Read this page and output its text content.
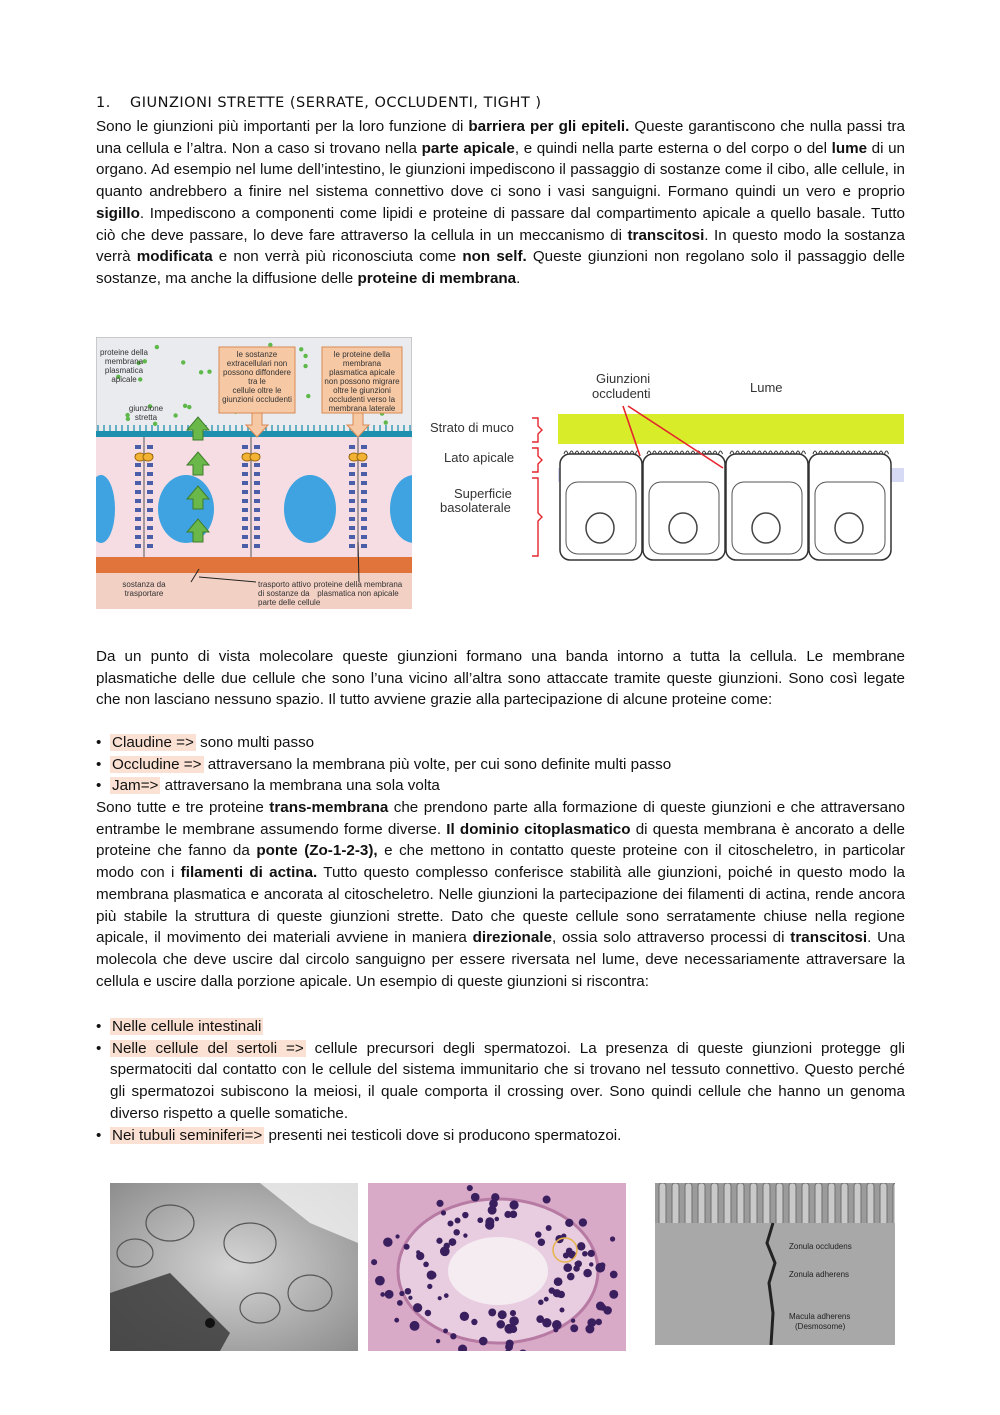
1. GIUNZIONI STRETTE (SERRATE, OCCLUDENTI, TIGHT )

Sono le giunzioni più importanti per la loro funzione di barriera per gli epiteli. Queste garantiscono che nulla passi tra una cellula e l’altra. Non a caso si trovano nella parte apicale, e quindi nella parte esterna o del corpo o del lume di un organo. Ad esempio nel lume dell’intestino, le giunzioni impediscono il passaggio di sostanze come il cibo, alle cellule, in quanto andrebbero a finire nel sistema connettivo dove ci sono i vasi sanguigni. Formano quindi un vero e proprio sigillo. Impediscono a componenti come lipidi e proteine di passare dal compartimento apicale a quello basale. Tutto ciò che deve passare, lo deve fare attraverso la cellula in un meccanismo di transcitosi. In questo modo la sostanza verrà modificata e non verrà più riconosciuta come non self. Queste giunzioni non regolano solo il passaggio delle sostanze, ma anche la diffusione delle proteine di membrana.

proteine della
membrana
plasmatica
apicale
giunzione
stretta
le sostanze
extracellulari non
possono diffondere
tra le
cellule oltre le
giunzioni occludenti
le proteine della
membrana
plasmatica apicale
non possono migrare
oltre le giunzioni
occludenti verso la
membrana laterale
sostanza da
trasportare
trasporto attivo
di sostanze da
parte delle cellule
proteine della membrana
plasmatica non apicale
Giunzioni
occludenti	Lume
Strato di muco
Lato apicale
Superficie
basolaterale

Da un punto di vista molecolare queste giunzioni formano una banda intorno a tutta la cellula. Le membrane plasmatiche delle due cellule che sono l’una vicino all’altra sono attaccate tramite queste giunzioni. Sono così legate che non lasciano nessuno spazio. Il tutto avviene grazie alla partecipazione di alcune proteine come:

• Claudine => sono multi passo
• Occludine => attraversano la membrana più volte, per cui sono definite multi passo
• Jam=> attraversano la membrana una sola volta

Sono tutte e tre proteine trans-membrana che prendono parte alla formazione di queste giunzioni e che attraversano entrambe le membrane assumendo forme diverse. Il dominio citoplasmatico di questa membrana è ancorato a delle proteine che fanno da ponte (Zo-1-2-3), e che mettono in contatto queste proteine con il citoscheletro, in particolar modo con i filamenti di actina. Tutto questo complesso conferisce stabilità alle giunzioni, poiché in questo modo la membrana plasmatica e ancorata al citoscheletro. Nelle giunzioni la partecipazione dei filamenti di actina, rende ancora più stabile la struttura di queste giunzioni strette. Dato che queste cellule sono serratamente chiuse nella regione apicale, il movimento dei materiali avviene in maniera direzionale, ossia solo attraverso processi di transcitosi. Una molecola che deve uscire dal circolo sanguigno per essere riversata nel lume, deve necessariamente attraversare la cellula e uscire dalla porzione apicale. Un esempio di queste giunzioni si riscontra:

• Nelle cellule intestinali
• Nelle cellule del sertoli => cellule precursori degli spermatozoi. La presenza di queste giunzioni protegge gli spermatociti dal contatto con le cellule del sistema immunitario che si trovano nel tessuto connettivo. Questo perché gli spermatozoi subiscono la meiosi, il quale comporta il crossing over. Sono quindi cellule che hanno un genoma diverso rispetto a quelle somatiche.
• Nei tubuli seminiferi=> presenti nei testicoli dove si producono spermatozoi.
Zonula occludens
Zonula adherens
Macula adherens
(Desmosome)
